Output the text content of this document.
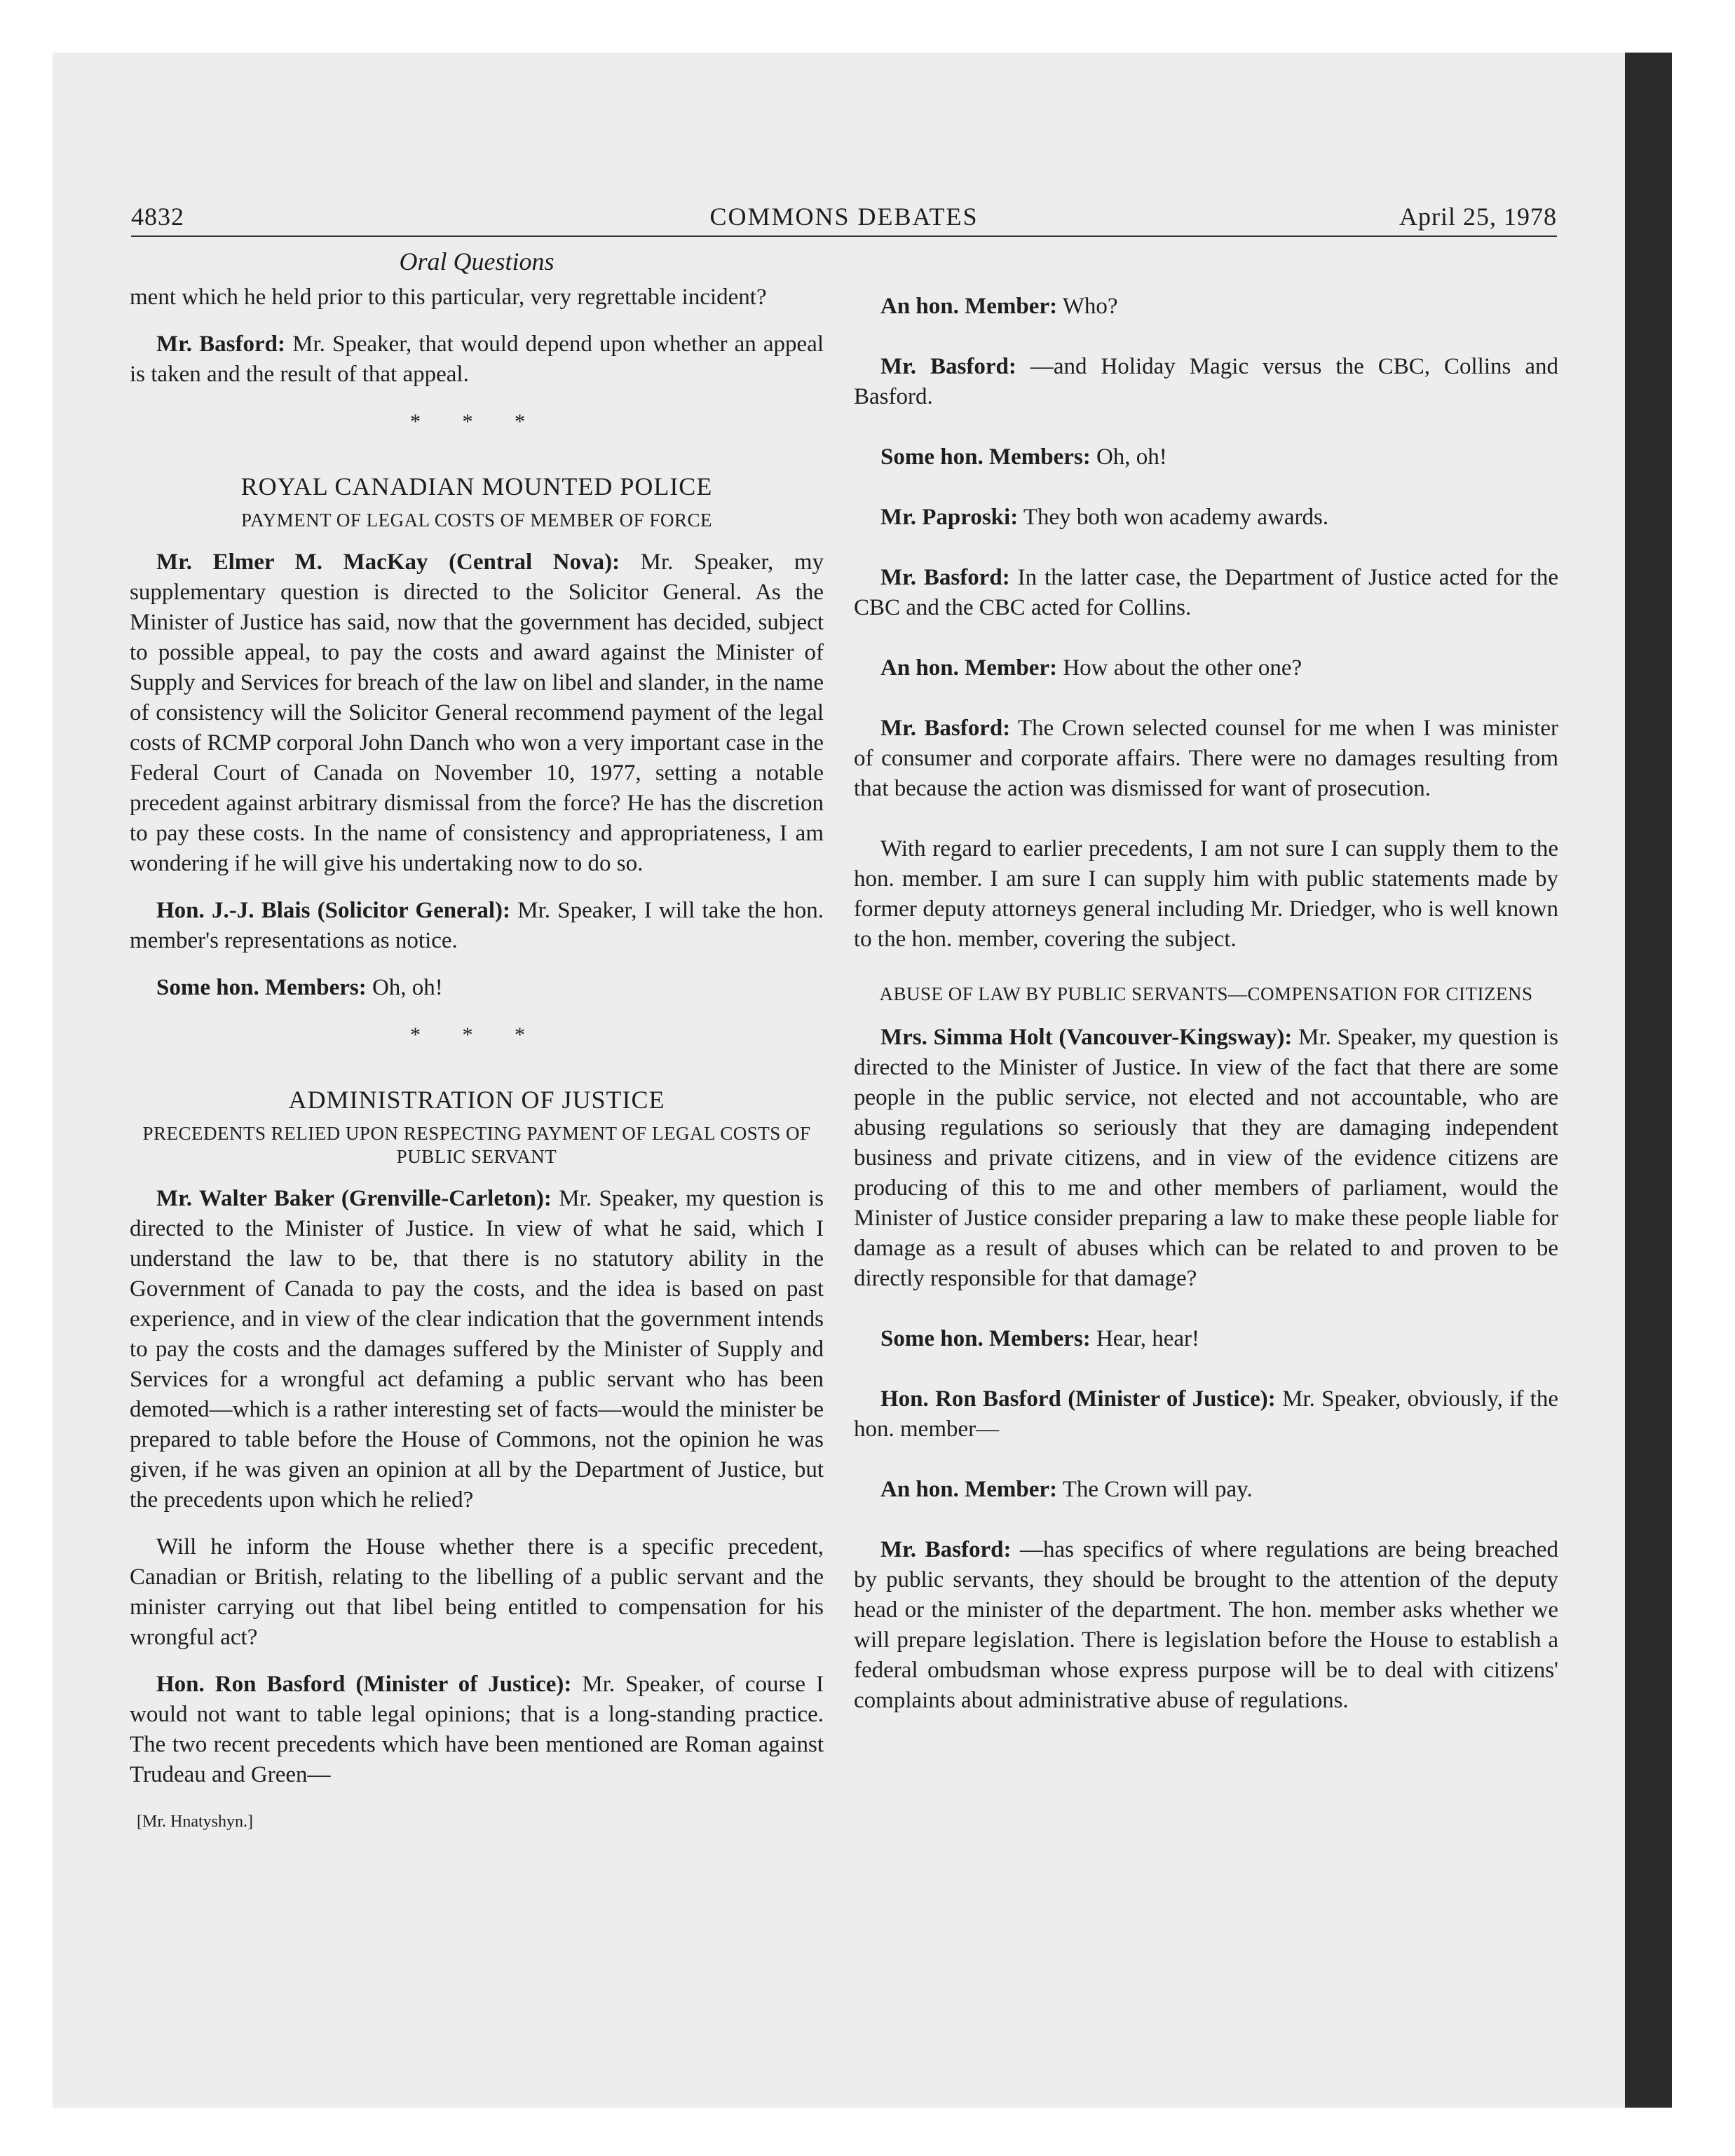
4832	COMMONS DEBATES	April 25, 1978
Oral Questions

ment which he held prior to this particular, very regrettable incident?

Mr. Basford: Mr. Speaker, that would depend upon whether an appeal is taken and the result of that appeal.

* * *
ROYAL CANADIAN MOUNTED POLICE
PAYMENT OF LEGAL COSTS OF MEMBER OF FORCE

Mr. Elmer M. MacKay (Central Nova): Mr. Speaker, my supplementary question is directed to the Solicitor General. As the Minister of Justice has said, now that the government has decided, subject to possible appeal, to pay the costs and award against the Minister of Supply and Services for breach of the law on libel and slander, in the name of consistency will the Solicitor General recommend payment of the legal costs of RCMP corporal John Danch who won a very important case in the Federal Court of Canada on November 10, 1977, setting a notable precedent against arbitrary dismissal from the force? He has the discretion to pay these costs. In the name of consistency and appropriateness, I am wondering if he will give his undertaking now to do so.

Hon. J.-J. Blais (Solicitor General): Mr. Speaker, I will take the hon. member's representations as notice.

Some hon. Members: Oh, oh!

* * *
ADMINISTRATION OF JUSTICE
PRECEDENTS RELIED UPON RESPECTING PAYMENT OF LEGAL COSTS OF PUBLIC SERVANT

Mr. Walter Baker (Grenville-Carleton): Mr. Speaker, my question is directed to the Minister of Justice. In view of what he said, which I understand the law to be, that there is no statutory ability in the Government of Canada to pay the costs, and the idea is based on past experience, and in view of the clear indication that the government intends to pay the costs and the damages suffered by the Minister of Supply and Services for a wrongful act defaming a public servant who has been demoted—which is a rather interesting set of facts—would the minister be prepared to table before the House of Commons, not the opinion he was given, if he was given an opinion at all by the Department of Justice, but the precedents upon which he relied?

Will he inform the House whether there is a specific precedent, Canadian or British, relating to the libelling of a public servant and the minister carrying out that libel being entitled to compensation for his wrongful act?

Hon. Ron Basford (Minister of Justice): Mr. Speaker, of course I would not want to table legal opinions; that is a long-standing practice. The two recent precedents which have been mentioned are Roman against Trudeau and Green—

[Mr. Hnatyshyn.]

An hon. Member: Who?

Mr. Basford: —and Holiday Magic versus the CBC, Collins and Basford.

Some hon. Members: Oh, oh!

Mr. Paproski: They both won academy awards.

Mr. Basford: In the latter case, the Department of Justice acted for the CBC and the CBC acted for Collins.

An hon. Member: How about the other one?

Mr. Basford: The Crown selected counsel for me when I was minister of consumer and corporate affairs. There were no damages resulting from that because the action was dismissed for want of prosecution.

With regard to earlier precedents, I am not sure I can supply them to the hon. member. I am sure I can supply him with public statements made by former deputy attorneys general including Mr. Driedger, who is well known to the hon. member, covering the subject.

ABUSE OF LAW BY PUBLIC SERVANTS—COMPENSATION FOR CITIZENS

Mrs. Simma Holt (Vancouver-Kingsway): Mr. Speaker, my question is directed to the Minister of Justice. In view of the fact that there are some people in the public service, not elected and not accountable, who are abusing regulations so seriously that they are damaging independent business and private citizens, and in view of the evidence citizens are producing of this to me and other members of parliament, would the Minister of Justice consider preparing a law to make these people liable for damage as a result of abuses which can be related to and proven to be directly responsible for that damage?

Some hon. Members: Hear, hear!

Hon. Ron Basford (Minister of Justice): Mr. Speaker, obviously, if the hon. member—

An hon. Member: The Crown will pay.

Mr. Basford: —has specifics of where regulations are being breached by public servants, they should be brought to the attention of the deputy head or the minister of the department. The hon. member asks whether we will prepare legislation. There is legislation before the House to establish a federal ombudsman whose express purpose will be to deal with citizens' complaints about administrative abuse of regulations.
